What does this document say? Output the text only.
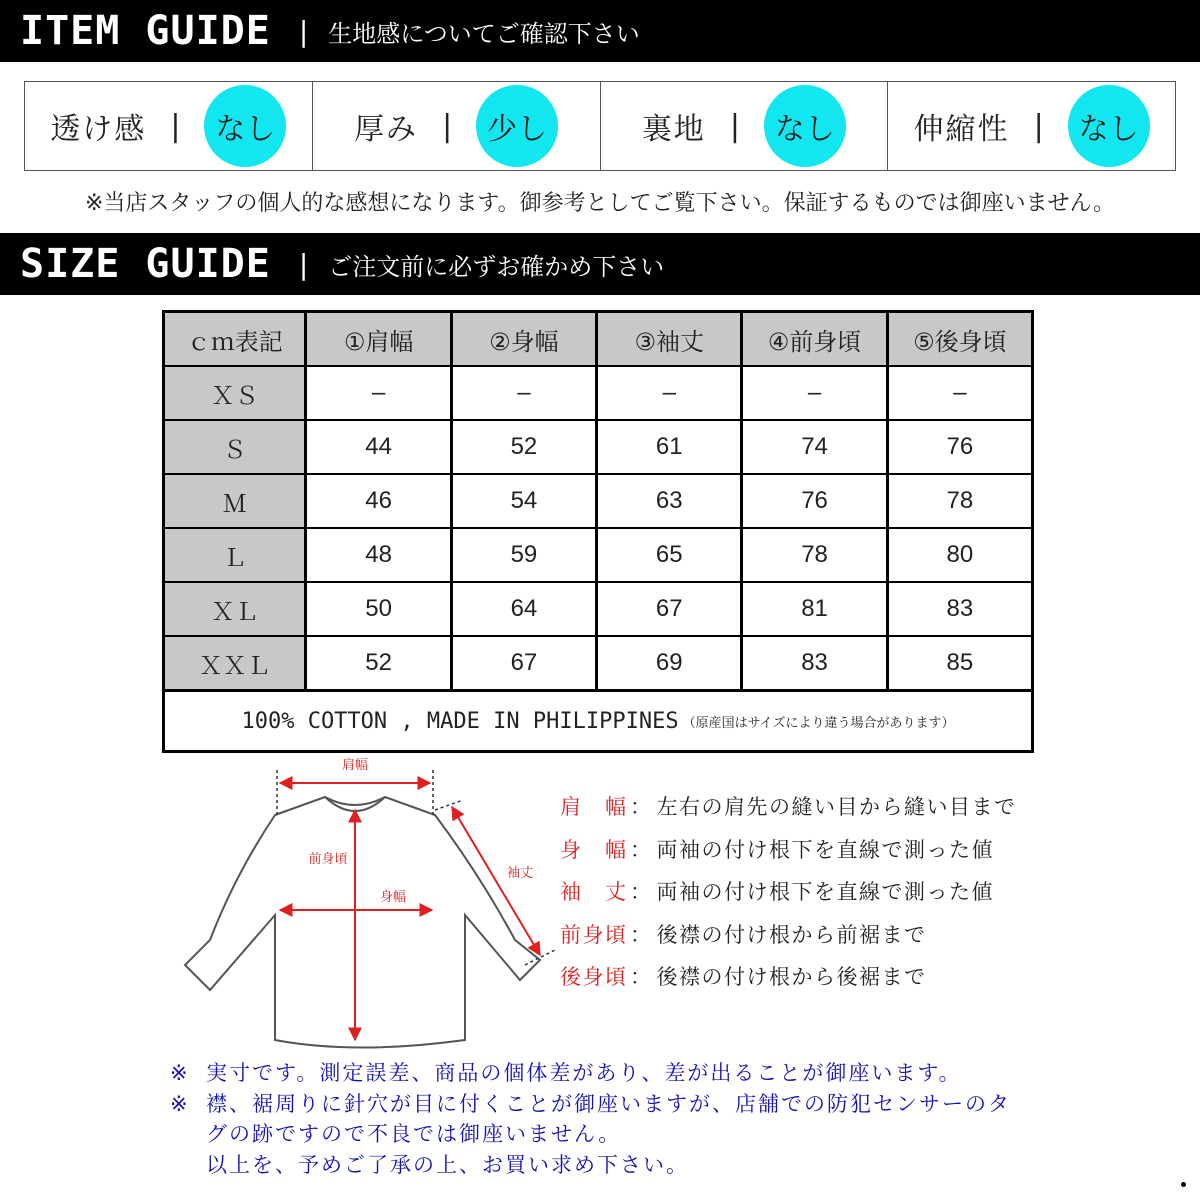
ITEM GUIDE | 生地感についてご確認下さい
透け感 |	なし	厚み |	少し	裏地 |	なし	伸縮性 |	なし
※当店スタッフの個人的な感想になります。御参考としてご覧下さい。保証するものでは御座いません。
SIZE GUIDE | ご注文前に必ずお確かめ下さい
ｃｍ表記	①肩幅	②身幅	③袖丈	④前身頃	⑤後身頃
ＸＳ	–	–	–	–	–
Ｓ	44	52	61	74	76
Ｍ	46	54	63	76	78
Ｌ	48	59	65	78	80
ＸＬ	50	64	67	81	83
ＸＸＬ	52	67	69	83	85
100% COTTON , MADE IN PHILIPPINES （原産国はサイズにより違う場合があります）
肩幅
前身頃
身幅
袖丈
肩　幅 ： 左右の肩先の縫い目から縫い目まで
身　幅 ： 両袖の付け根下を直線で測った値
袖　丈 ： 両袖の付け根下を直線で測った値
前身頃 ： 後襟の付け根から前裾まで
後身頃 ： 後襟の付け根から後裾まで
※ 実寸です。測定誤差、商品の個体差があり、差が出ることが御座います。
※ 襟、裾周りに針穴が目に付くことが御座いますが、店舗での防犯センサーのタ
グの跡ですので不良では御座いません。
以上を、予めご了承の上、お買い求め下さい。
